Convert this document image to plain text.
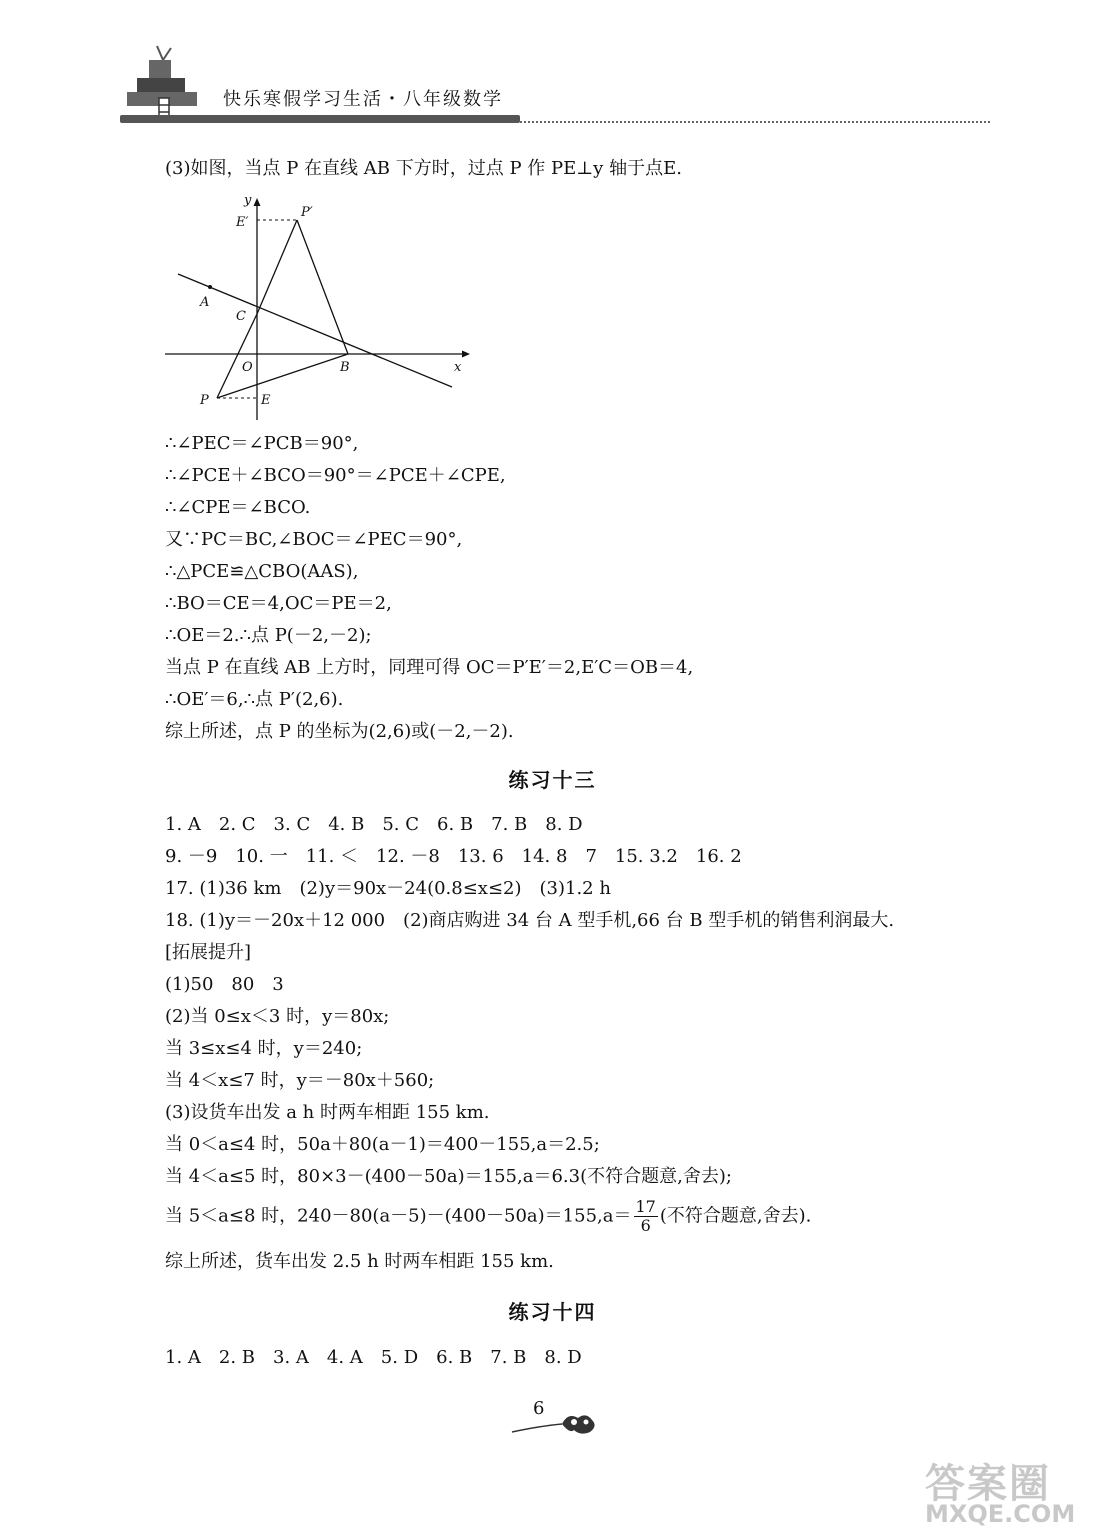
快乐寒假学习生活・八年级数学
(3)如图，当点 P 在直线 AB 下方时，过点 P 作 PE⊥y 轴于点E.
y
E′
P′
A
C
O	B	x
P	E
∴∠PEC＝∠PCB＝90°,
∴∠PCE＋∠BCO＝90°＝∠PCE＋∠CPE,
∴∠CPE＝∠BCO.
又∵PC＝BC,∠BOC＝∠PEC＝90°,
∴△PCE≌△CBO(AAS),
∴BO＝CE＝4,OC＝PE＝2,
∴OE＝2.∴点 P(－2,－2);
当点 P 在直线 AB 上方时，同理可得 OC＝P′E′＝2,E′C＝OB＝4,
∴OE′＝6,∴点 P′(2,6).
综上所述，点 P 的坐标为(2,6)或(－2,－2).
练习十三
1. A　2. C　3. C　4. B　5. C　6. B　7. B　8. D
9. －9　10. 一　11. ＜　12. －8　13. 6　14. 8　7　15. 3.2　16. 2
17. (1)36 km　(2)y＝90x－24(0.8≤x≤2)　(3)1.2 h
18. (1)y＝－20x＋12 000　(2)商店购进 34 台 A 型手机,66 台 B 型手机的销售利润最大.
[拓展提升]
(1)50　80　3
(2)当 0≤x＜3 时，y＝80x;
当 3≤x≤4 时，y＝240;
当 4＜x≤7 时，y＝－80x＋560;
(3)设货车出发 a h 时两车相距 155 km.
当 0＜a≤4 时，50a＋80(a－1)＝400－155,a＝2.5;
当 4＜a≤5 时，80×3－(400－50a)＝155,a＝6.3(不符合题意,舍去);
当 5＜a≤8 时，$240-80(a-5)-(400-50a)=155,a= \frac{17}{6}$ (不符合题意,舍去).
综上所述，货车出发 2.5 h 时两车相距 155 km.
练习十四
1. A　2. B　3. A　4. A　5. D　6. B　7. B　8. D
6
答案圈
MXQE.COM
